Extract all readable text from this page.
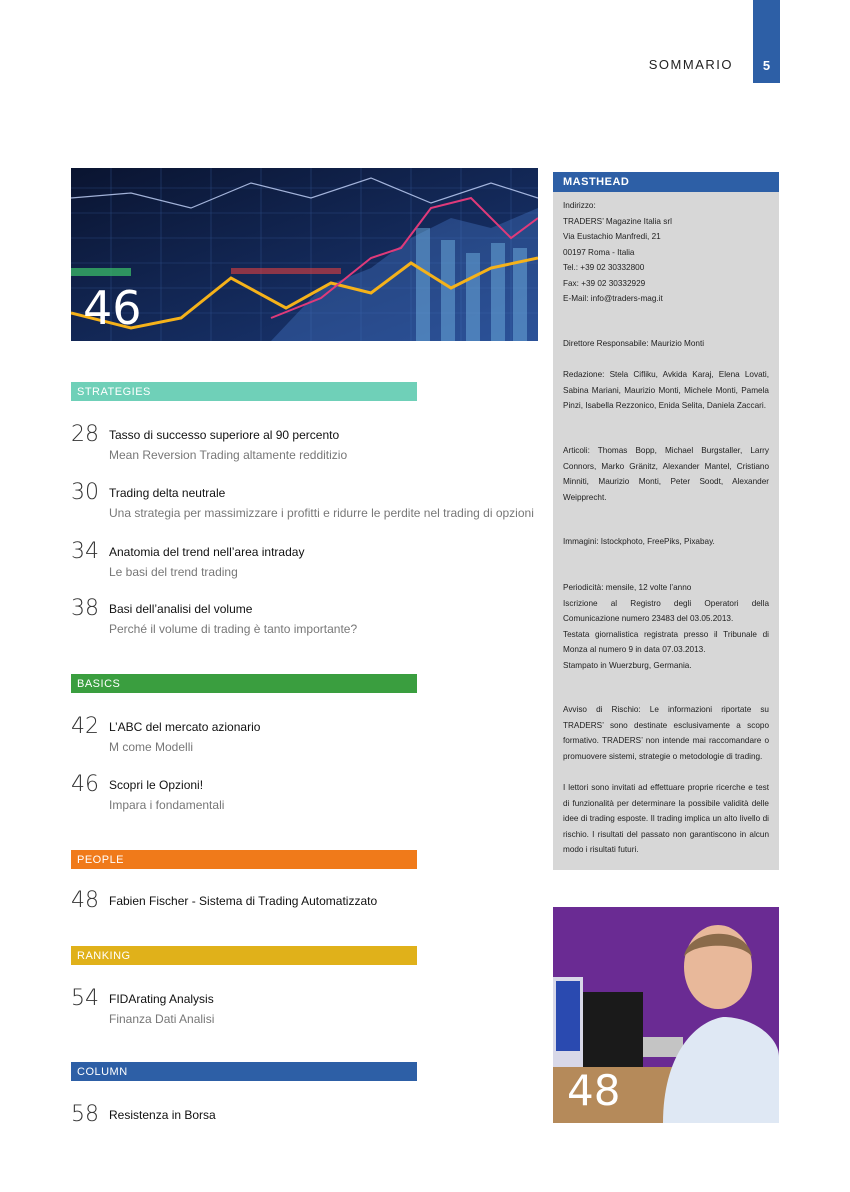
SOMMARIO 5
46
STRATEGIES
28 Tasso di successo superiore al 90 percento
Mean Reversion Trading altamente redditizio
30 Trading delta neutrale
Una strategia per massimizzare i profitti e ridurre le perdite nel trading di opzioni
34 Anatomia del trend nell’area intraday
Le basi del trend trading
38 Basi dell’analisi del volume
Perché il volume di trading è tanto importante?
BASICS
42 L’ABC del mercato azionario
M come Modelli
46 Scopri le Opzioni!
Impara i fondamentali
PEOPLE
48 Fabien Fischer - Sistema di Trading Automatizzato
RANKING
54 FIDArating Analysis
Finanza Dati Analisi
COLUMN
58 Resistenza in Borsa
MASTHEAD
Indirizzo:
TRADERS’ Magazine Italia srl
Via Eustachio Manfredi, 21
00197 Roma - Italia
Tel.: +39 02 30332800
Fax: +39 02 30332929
E-Mail: info@traders-mag.it
Direttore Responsabile: Maurizio Monti
Redazione: Stela Cifliku, Avkida Karaj, Elena Lovati, Sabina Mariani, Maurizio Monti, Michele Monti, Pamela Pinzi, Isabella Rezzonico, Enida Selita, Daniela Zaccari.
Articoli: Thomas Bopp, Michael Burgstaller, Larry Connors, Marko Gränitz, Alexander Mantel, Cristiano Minniti, Maurizio Monti, Peter Soodt, Alexander Weipprecht.
Immagini: Istockphoto, FreePiks, Pixabay.
Periodicità: mensile, 12 volte l’anno
Iscrizione al Registro degli Operatori della Comunicazione numero 23483 del 03.05.2013.
Testata giornalistica registrata presso il Tribunale di Monza al numero 9 in data 07.03.2013.
Stampato in Wuerzburg, Germania.
Avviso di Rischio: Le informazioni riportate su TRADERS’ sono destinate esclusivamente a scopo formativo. TRADERS’ non intende mai raccomandare o promuovere sistemi, strategie o metodologie di trading.
I lettori sono invitati ad effettuare proprie ricerche e test di funzionalità per determinare la possibile validità delle idee di trading esposte. Il trading implica un alto livello di rischio. I risultati del passato non garantiscono in alcun modo i risultati futuri.
48
